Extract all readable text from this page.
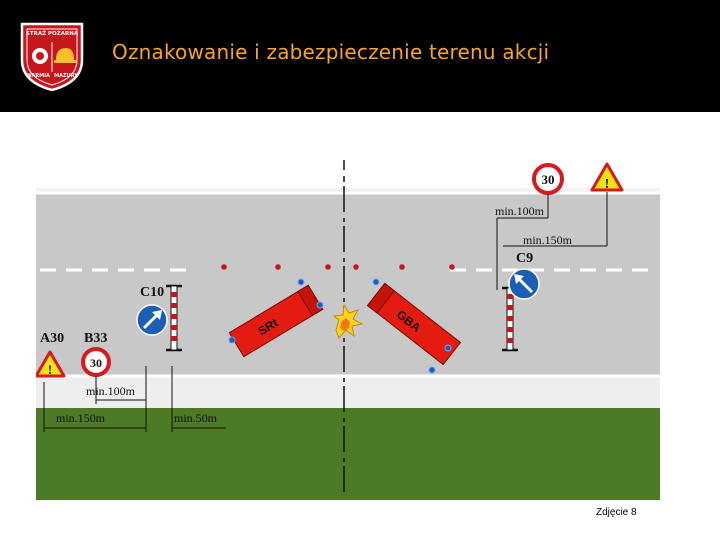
STRAŻ POŻARNA
WARMIA MAZURY
Oznakowanie i zabezpieczenie terenu akcji
SRt	GBA
C10
C9
30	!
min.100m
min.150m
A30 B33
!	30
min.100m
min.150m	min.50m
Zdjęcie 8
